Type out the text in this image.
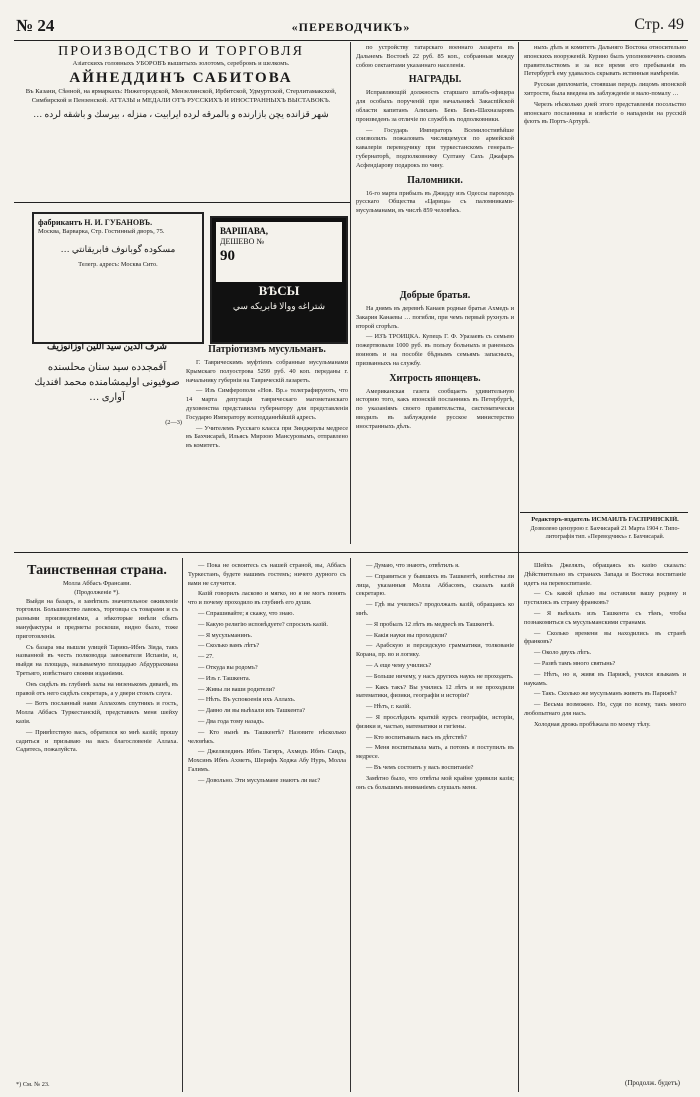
№ 24	«ПЕРЕВОДЧИКЪ»	Стр. 49
ПРОИЗВОДСТВО И ТОРГОВЛЯ
Азіатскихъ головныхъ УБОРОВЪ вышитыхъ золотомъ, серебромъ и шелкомъ.
АЙНЕДДИНЪ САБИТОВА
Въ Казани, Сѣнной, на ярмаркахъ: Нижегородской, Мензелинской, Ирбитской, Удмуртской, Стерлитамакской, Симбирской и Пензенской. АТТАЗЫ и МЕДАЛИ ОТЪ РУССКИХЪ И ИНОСТРАННЫХЪ ВЫСТАВОКЪ.
شهر قزانده يچن بازارنده و بالمرقه لرده ايرابيت ، منزله ، بيرسك و باشقه لرده …
фабрикантъ Н. И. ГУБАНОВЪ.
Москва, Варварка, Стр. Гостинный дворъ, 75.
مسكوده گوبانوف فابريقانتي …
Телегр. адресъ: Москва Сито.
ВАРШАВА,
ДЕШЕВО №
90
ВѢСЫ
شتراغه ووالا فابريكه سي
شرف الدين سيد اللين اوزانوزيف
آقمجدده سيد سنان محلسنده صوفيونى اوليمشامنده محمد افنديك آوارى …
(2—3)
Патріотизмъ мусульманъ.

Г. Таврическимъ муфтіемъ собранные мусульманами Крымскаго полуострова 5299 руб. 40 коп. переданы г. начальнику губерніи на Таврическій лазаретъ.

— Изъ Симферополя «Нов. Вр.» телеграфируютъ, что 14 марта депутація таврическаго магометанскаго духовенства представила губернатору для представленія Государю Императору всеподданнѣйшій адресъ.

— Учителемъ Русскаго класса при Зинджерлы медресе въ Бахчисараѣ, Ильясъ Мирзою Мансуровымъ, отправлено въ комитетъ.

по устройству татарскаго военнаго лазарета въ Дальнемъ Востокѣ 22 руб. 85 коп., собранныя между собою сектантами указаннаго населенія.

НАГРАДЫ.

Исправляющій должность старшаго штабъ-офицера для особыхъ порученій при начальникѣ Закаспійской области капитанъ Алиханъ Бекъ Бекъ-Шахназаровъ произведенъ за отличіе по службѣ въ подполковники.

— Государь Императоръ Всемилостивѣйше соизволилъ пожаловать числящемуся по армейской кавалеріи переводчику при туркестанскомъ генералъ-губернаторѣ, подполковнику Султану Сахъ Джафаръ Асфендіарову подарокъ по чину.

Паломники.

16-го марта прибылъ въ Джидду изъ Одессы пароходъ русскаго Общества «Царица» съ паломниками-мусульманами, въ числѣ 859 человѣкъ.

Добрые братья.

На днямъ въ деревнѣ Канаев родные братья Ахмедъ и Закария Канаевы … погибли, при чемъ первый рухнулъ и второй сгорѣлъ.

— ИЗЪ ТРОИЦКА. Купецъ Г. Ф. Уразаевъ съ семьею пожертвовали 1000 руб. въ пользу больныхъ и раненыхъ воиновъ и на пособіе бѣднымъ семьямъ запасныхъ, призванныхъ на службу.

Хитрость японцевъ.

Американская газета сообщаетъ удивительную историю того, какъ японскій посланникъ въ Петербургѣ, по указаніямъ своего правительства, систематически вводилъ въ заблужденіе русское министерство иностранныхъ дѣлъ.

ныхъ дѣлъ и комитетъ Дальняго Востока относительно японскихъ вооруженій. Курино былъ уполномоченъ своимъ правительствомъ и за все время его пребыванія въ Петербургѣ ему удавалось скрывать истинныя намѣренія.

Русская дипломатія, стоявшая передъ лицомъ японской хитрости, была введена въ заблужденіе и мало-помалу …

Черезъ нѣсколько дней этого представленія посольство японскаго посланника и извѣстіе о нападеніи на русскій флотъ въ Портъ-Артурѣ.

Редакторъ-издатель ИСМАИЛЪ ГАСПРИНСКІЙ.
Дозволено цензурою г. Бахчисарай 21 Марта 1904 г. Типо-литографія тип. «Переводчикъ» г. Бахчисарай.
Таинственная страна.
Молла Аббасъ Франсави.
(Продолженіе *).

Выйдя на базаръ, я замѣтилъ значительное оживленіе торговли. Большинство лавокъ, торговцы съ товарами и съ разными произведеніями, а нѣкоторые имѣли сбыть мануфактуры и предметы роскоши, видно было, тоже приготовленія.

Съ базара мы вышли улицей Тарикъ-Ибнъ Зіяда, такъ названной въ честь полководца завоевателя Испаніи, и, выйдя на площадь, называемую площадью Абдуррахмана Третьяго, извѣстнаго своими изданіями.

Онъ сидѣлъ въ глубинѣ залы на низенькомъ диванѣ, въ правой отъ него сидѣлъ секретарь, а у двери стоялъ слуга.

— Вотъ посланный нами Аллахомъ спутникъ и гость, Молла Аббасъ Туркестанскій, представилъ меня шейху казія.

— Привѣтствую васъ, обратился ко мнѣ казій; прошу садиться и призываю на васъ благословеніе Аллаха. Садитесь, пожалуйста.

*) См. № 23.

— Пока не освоитесь съ нашей страной, вы, Аббасъ Туркестанъ, будете нашимъ гостемъ; ничего дурного съ вами не случится.

Казій говорилъ ласково и мягко, но я не могъ понять что и почему проходило въ глубинѣ его души.

— Спрашивайте; я скажу, что знаю.

— Какую религію исповѣдуете? спросилъ казій.

— Я мусульманинъ.

— Сколько вамъ лѣтъ?

— 27.

— Откуда вы родомъ?

— Изъ г. Ташкента.

— Живы ли ваши родители?

— Нѣтъ. Въ успокоенія ихъ Аллахъ.

— Давно ли вы выѣхали изъ Ташкента?

— Два года тому назадъ.

— Кто нынѣ въ Ташкентѣ? Назовите нѣсколько человѣкъ.

— Джелялединъ Ибнъ Тагиръ, Ахмедъ Ибнъ Саидъ, Мохсинъ Ибнъ Ахметъ, Шерифъ Ходжа Абу Нуръ, Молла Галимъ.

— Довольно. Эти мусульмане знаютъ ли вас?

— Думаю, что знаютъ, отвѣтилъ я.

— Справиться у бывшихъ въ Ташкентѣ, извѣстны ли лица, указанныя Молла Аббасомъ, сказалъ казій секретарю.

— Гдѣ вы учились? продолжалъ казій, обращаясь ко мнѣ.

— Я пробылъ 12 лѣтъ въ медресѣ въ Ташкентѣ.

— Какія науки вы проходили?

— Арабскую и персидскую грамматики, толкованіе Корана, пр. во и логику.

— А еще чему учились?

— Больше ничему, у насъ другихъ наукъ не проходятъ.

— Какъ такъ? Вы учились 12 лѣтъ и не проходили математики, физики, географіи и исторіи?

— Нѣтъ, г. казій.

— Я прослѣдилъ краткій курсъ географіи, исторіи, физики и, частью, математики и гигіены.

— Кто воспитывалъ васъ въ дѣтствѣ?

— Меня воспитывала мать, а потомъ я поступилъ въ медресе.

— Въ чемъ состоитъ у васъ воспитаніе?

Замѣтно было, что отвѣты мой крайне удивили казія; онъ съ большимъ вниманіемъ слушалъ меня.

Шейхъ Джелялъ, обращаясь къ казію сказалъ: Дѣйствительно въ странахъ Запада и Востока воспитаніе идетъ на перевоспитаніе.

— Съ какой цѣлью вы оставили вашу родину и пустились въ страну франковъ?

— Я выѣхалъ изъ Ташкента съ тѣмъ, чтобы познакомиться съ мусульманскими странами.

— Сколько времени вы находились въ странѣ франковъ?

— Около двухъ лѣтъ.

— Развѣ тамъ много святынь?

— Нѣтъ, но я, живя въ Парижѣ, учился языкамъ и наукамъ.

— Такъ. Сколько же мусульманъ живетъ въ Парижѣ?

— Весьма возможно. Но, судя по всему, такъ много любопытнаго для насъ.

Холодная дрожь пробѣжала по моему тѣлу.

(Продолж. будетъ)
